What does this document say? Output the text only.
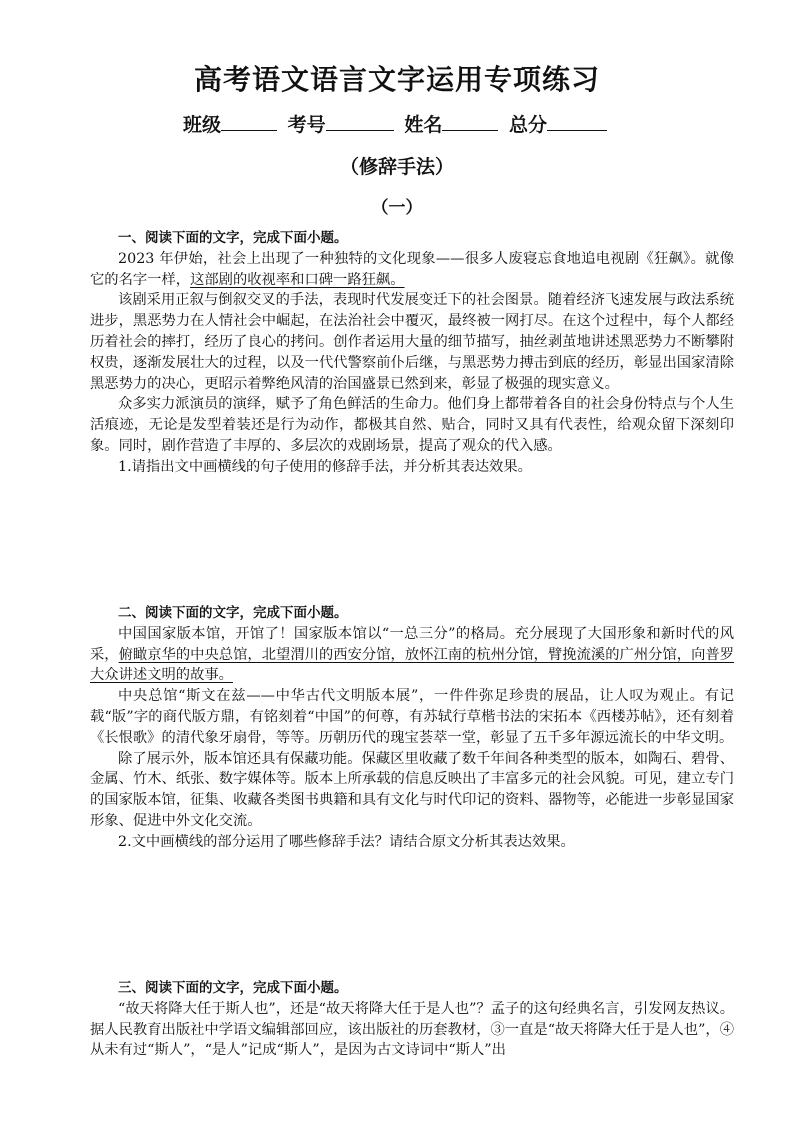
高考语文语言文字运用专项练习
班级	考号	姓名	总分
（修辞手法）
（一）

一、阅读下面的文字，完成下面小题。

2023 年伊始，社会上出现了一种独特的文化现象——很多人废寝忘食地追电视剧《狂飙》。就像它的名字一样，这部剧的收视率和口碑一路狂飙。

该剧采用正叙与倒叙交叉的手法，表现时代发展变迁下的社会图景。随着经济飞速发展与政法系统进步，黑恶势力在人情社会中崛起，在法治社会中覆灭，最终被一网打尽。在这个过程中，每个人都经历着社会的摔打，经历了良心的拷问。创作者运用大量的细节描写，抽丝剥茧地讲述黑恶势力不断攀附权贵，逐渐发展壮大的过程，以及一代代警察前仆后继，与黑恶势力搏击到底的经历，彰显出国家清除黑恶势力的决心，更昭示着弊绝风清的治国盛景已然到来，彰显了极强的现实意义。

众多实力派演员的演绎，赋予了角色鲜活的生命力。他们身上都带着各自的社会身份特点与个人生活痕迹，无论是发型着装还是行为动作，都极其自然、贴合，同时又具有代表性，给观众留下深刻印象。同时，剧作营造了丰厚的、多层次的戏剧场景，提高了观众的代入感。

1.请指出文中画横线的句子使用的修辞手法，并分析其表达效果。

二、阅读下面的文字，完成下面小题。

中国国家版本馆，开馆了！国家版本馆以“一总三分”的格局。充分展现了大国形象和新时代的风采，俯瞰京华的中央总馆，北望渭川的西安分馆，放怀江南的杭州分馆，臂挽流溪的广州分馆，向普罗大众讲述文明的故事。

中央总馆“斯文在兹——中华古代文明版本展”，一件件弥足珍贵的展品，让人叹为观止。有记载“版”字的商代版方鼎，有铭刻着“中国”的何尊，有苏轼行草楷书法的宋拓本《西楼苏帖》，还有刻着《长恨歌》的清代象牙扇骨，等等。历朝历代的瑰宝荟萃一堂，彰显了五千多年源远流长的中华文明。

除了展示外，版本馆还具有保藏功能。保藏区里收藏了数千年间各种类型的版本，如陶石、碧骨、金属、竹木、纸张、数字媒体等。版本上所承载的信息反映出了丰富多元的社会风貌。可见，建立专门的国家版本馆，征集、收藏各类图书典籍和具有文化与时代印记的资料、器物等，必能进一步彰显国家形象、促进中外文化交流。

2.文中画横线的部分运用了哪些修辞手法？请结合原文分析其表达效果。

三、阅读下面的文字，完成下面小题。

“故天将降大任于斯人也”，还是“故天将降大任于是人也”？孟子的这句经典名言，引发网友热议。据人民教育出版社中学语文编辑部回应，该出版社的历套教材，③一直是“故天将降大任于是人也”，④从未有过“斯人”，“是人”记成“斯人”，是因为古文诗词中“斯人”出
